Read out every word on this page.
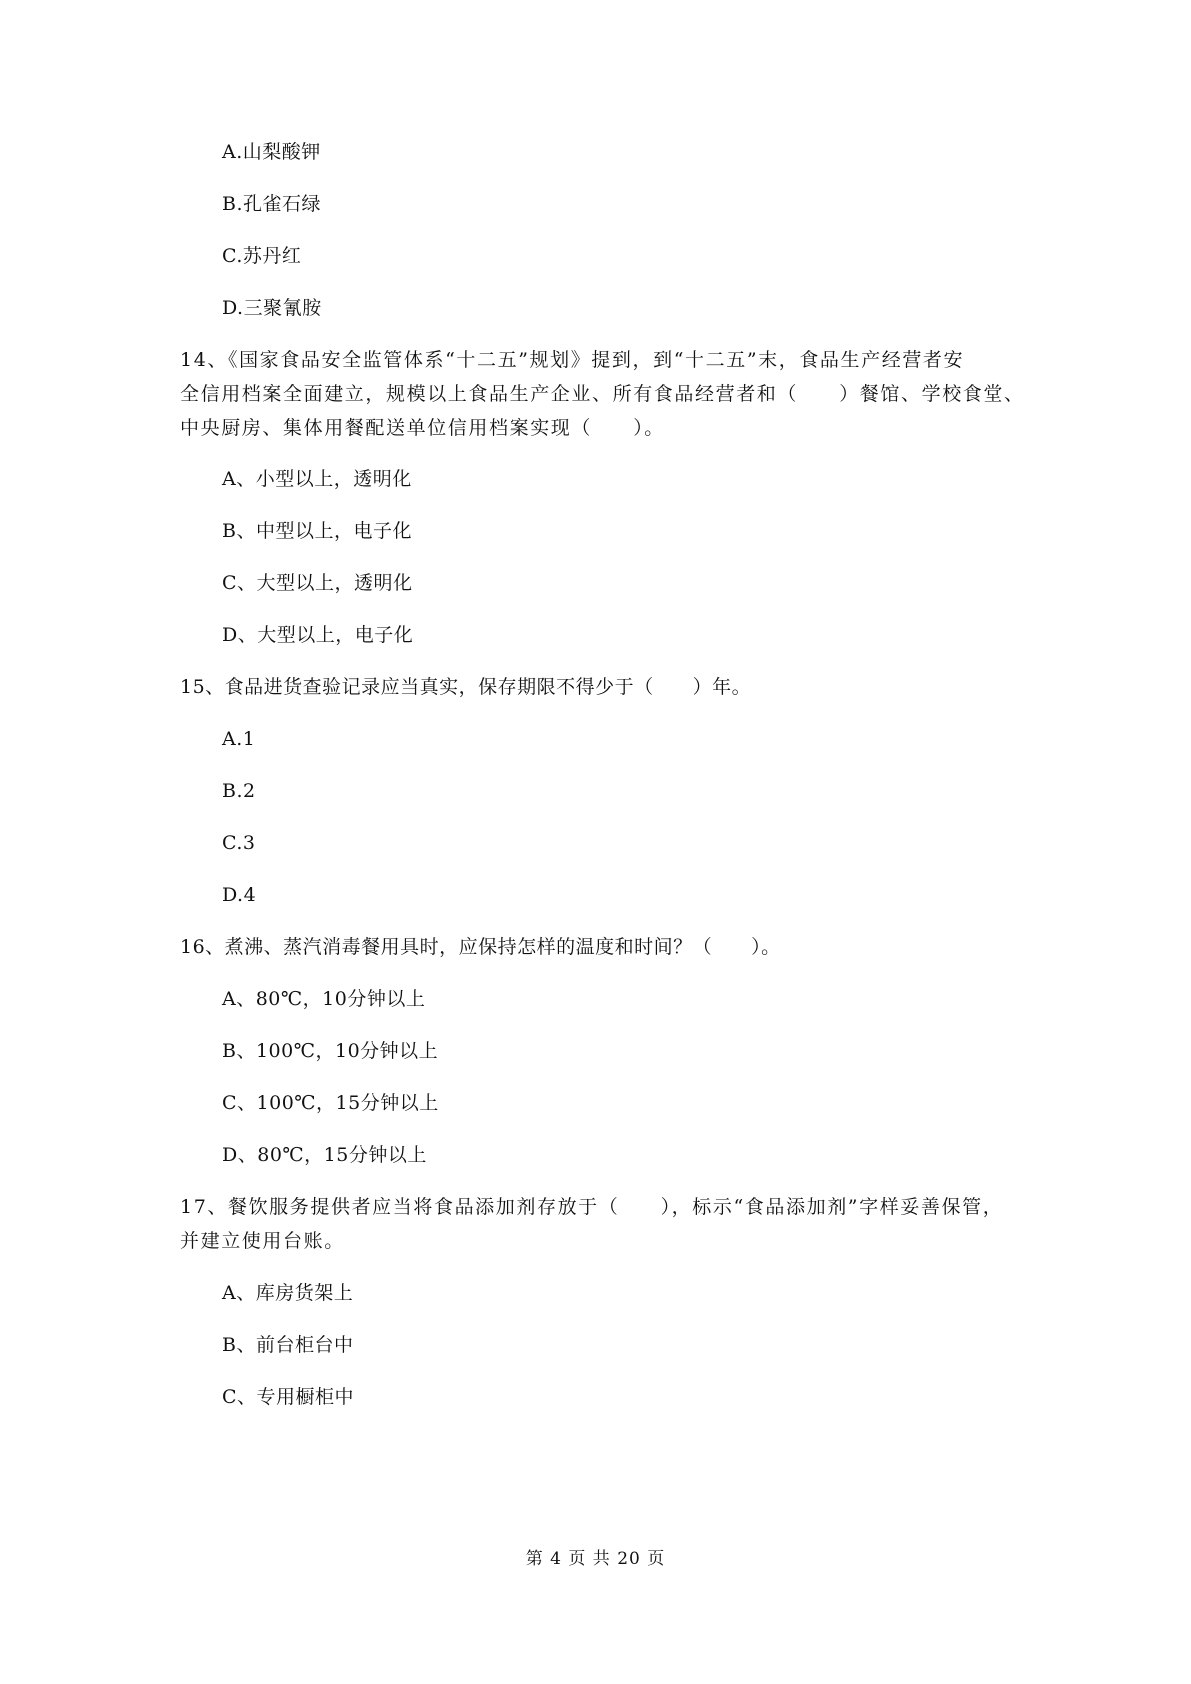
A.山梨酸钾
B.孔雀石绿
C.苏丹红
D.三聚氰胺
14、《国家食品安全监管体系“十二五”规划》提到，到“十二五”末，食品生产经营者安
全信用档案全面建立，规模以上食品生产企业、所有食品经营者和（　　）餐馆、学校食堂、
中央厨房、集体用餐配送单位信用档案实现（　　）。
A、小型以上，透明化
B、中型以上，电子化
C、大型以上，透明化
D、大型以上，电子化
15、食品进货查验记录应当真实，保存期限不得少于（　　）年。
A.1
B.2
C.3
D.4
16、煮沸、蒸汽消毒餐用具时，应保持怎样的温度和时间？（　　）。
A、80℃，10分钟以上
B、100℃，10分钟以上
C、100℃，15分钟以上
D、80℃，15分钟以上
17、餐饮服务提供者应当将食品添加剂存放于（　　），标示“食品添加剂”字样妥善保管，
并建立使用台账。
A、库房货架上
B、前台柜台中
C、专用橱柜中
第 4 页 共 20 页
